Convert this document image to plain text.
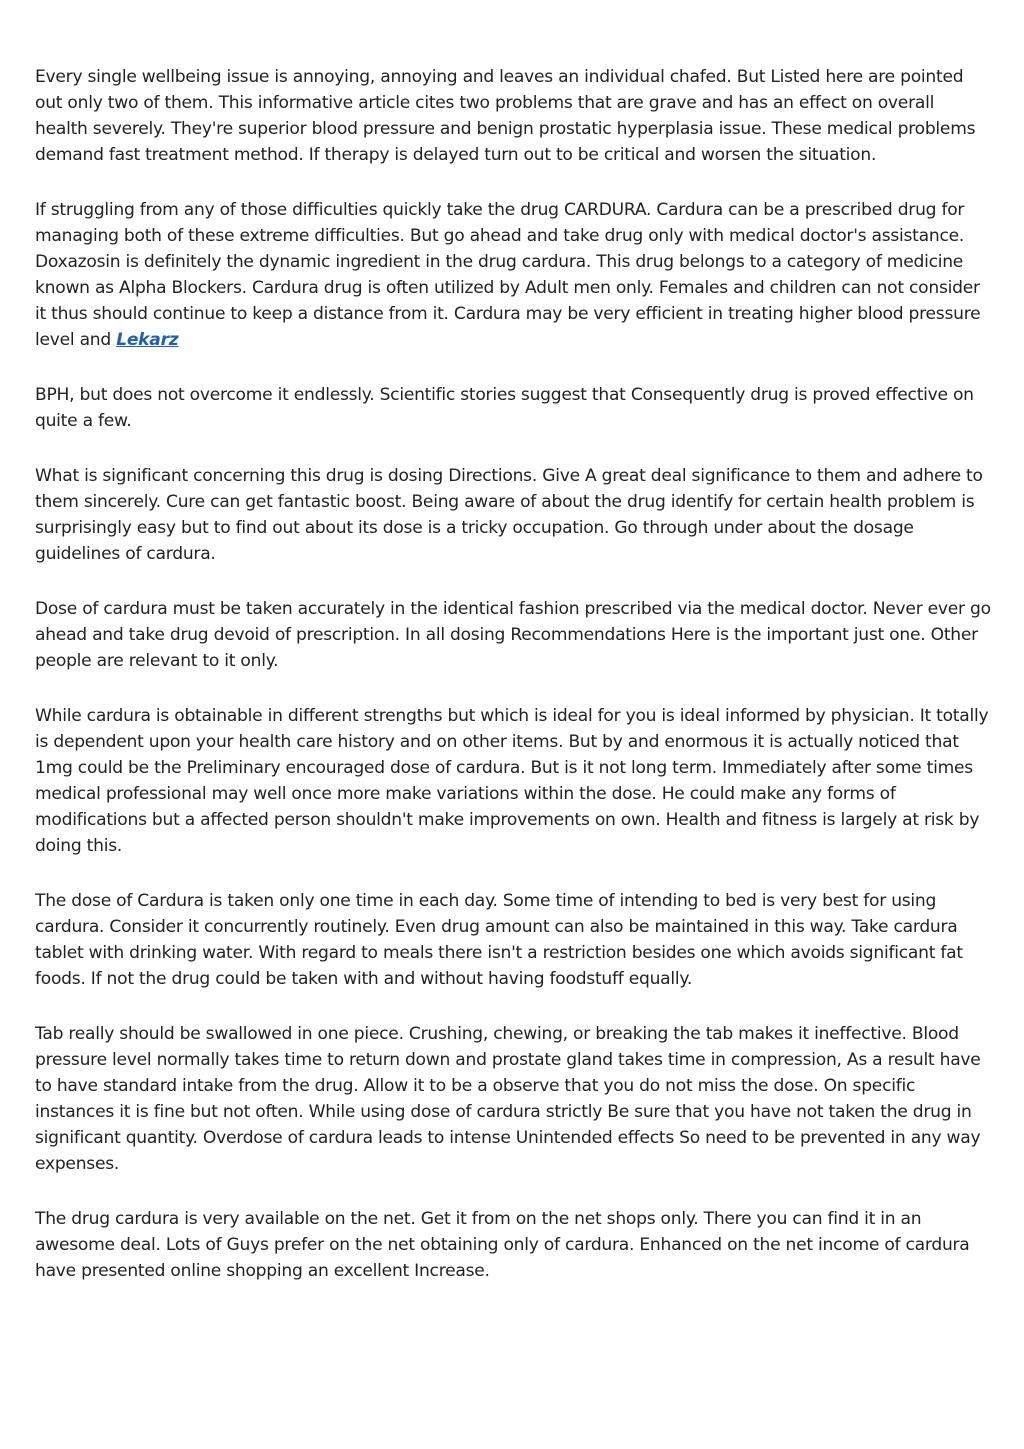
Every single wellbeing issue is annoying, annoying and leaves an individual chafed. But Listed here are pointed out only two of them. This informative article cites two problems that are grave and has an effect on overall health severely. They're superior blood pressure and benign prostatic hyperplasia issue. These medical problems demand fast treatment method. If therapy is delayed turn out to be critical and worsen the situation.

If struggling from any of those difficulties quickly take the drug CARDURA. Cardura can be a prescribed drug for managing both of these extreme difficulties. But go ahead and take drug only with medical doctor's assistance. Doxazosin is definitely the dynamic ingredient in the drug cardura. This drug belongs to a category of medicine known as Alpha Blockers. Cardura drug is often utilized by Adult men only. Females and children can not consider it thus should continue to keep a distance from it. Cardura may be very efficient in treating higher blood pressure level and Lekarz

BPH, but does not overcome it endlessly. Scientific stories suggest that Consequently drug is proved effective on quite a few.

What is significant concerning this drug is dosing Directions. Give A great deal significance to them and adhere to them sincerely. Cure can get fantastic boost. Being aware of about the drug identify for certain health problem is surprisingly easy but to find out about its dose is a tricky occupation. Go through under about the dosage guidelines of cardura.

Dose of cardura must be taken accurately in the identical fashion prescribed via the medical doctor. Never ever go ahead and take drug devoid of prescription. In all dosing Recommendations Here is the important just one. Other people are relevant to it only.

While cardura is obtainable in different strengths but which is ideal for you is ideal informed by physician. It totally is dependent upon your health care history and on other items. But by and enormous it is actually noticed that 1mg could be the Preliminary encouraged dose of cardura. But is it not long term. Immediately after some times medical professional may well once more make variations within the dose. He could make any forms of modifications but a affected person shouldn't make improvements on own. Health and fitness is largely at risk by doing this.

The dose of Cardura is taken only one time in each day. Some time of intending to bed is very best for using cardura. Consider it concurrently routinely. Even drug amount can also be maintained in this way. Take cardura tablet with drinking water. With regard to meals there isn't a restriction besides one which avoids significant fat foods. If not the drug could be taken with and without having foodstuff equally.

Tab really should be swallowed in one piece. Crushing, chewing, or breaking the tab makes it ineffective. Blood pressure level normally takes time to return down and prostate gland takes time in compression, As a result have to have standard intake from the drug. Allow it to be a observe that you do not miss the dose. On specific instances it is fine but not often. While using dose of cardura strictly Be sure that you have not taken the drug in significant quantity. Overdose of cardura leads to intense Unintended effects So need to be prevented in any way expenses.

The drug cardura is very available on the net. Get it from on the net shops only. There you can find it in an awesome deal. Lots of Guys prefer on the net obtaining only of cardura. Enhanced on the net income of cardura have presented online shopping an excellent Increase.
